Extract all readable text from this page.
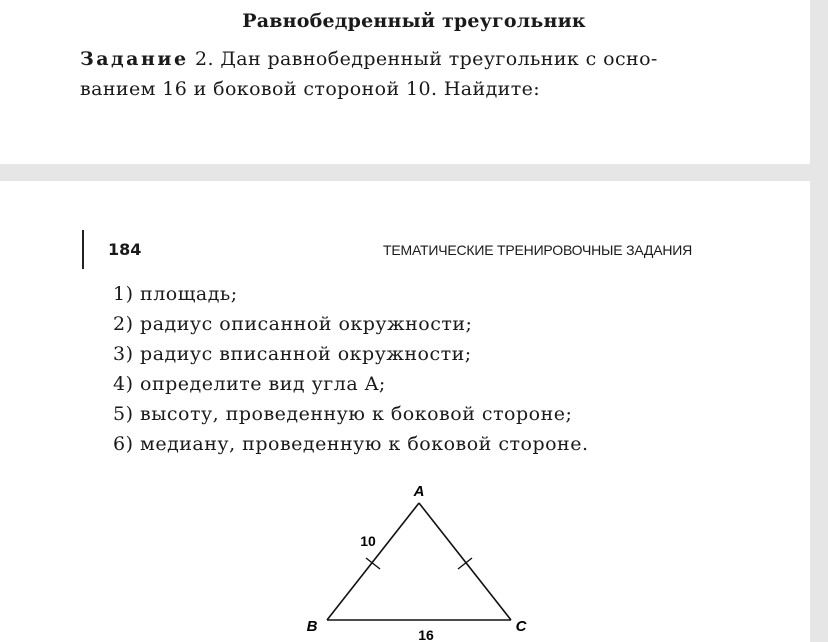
Равнобедренный треугольник
Задание 2. Дан равнобедренный треугольник с осно-
ванием 16 и боковой стороной 10. Найдите:
184	ТЕМАТИЧЕСКИЕ ТРЕНИРОВОЧНЫЕ ЗАДАНИЯ
1) площадь;
2) радиус описанной окружности;
3) радиус вписанной окружности;
4) определите вид угла A;
5) высоту, проведенную к боковой стороне;
6) медиану, проведенную к боковой стороне.
A
B	C
10
16
